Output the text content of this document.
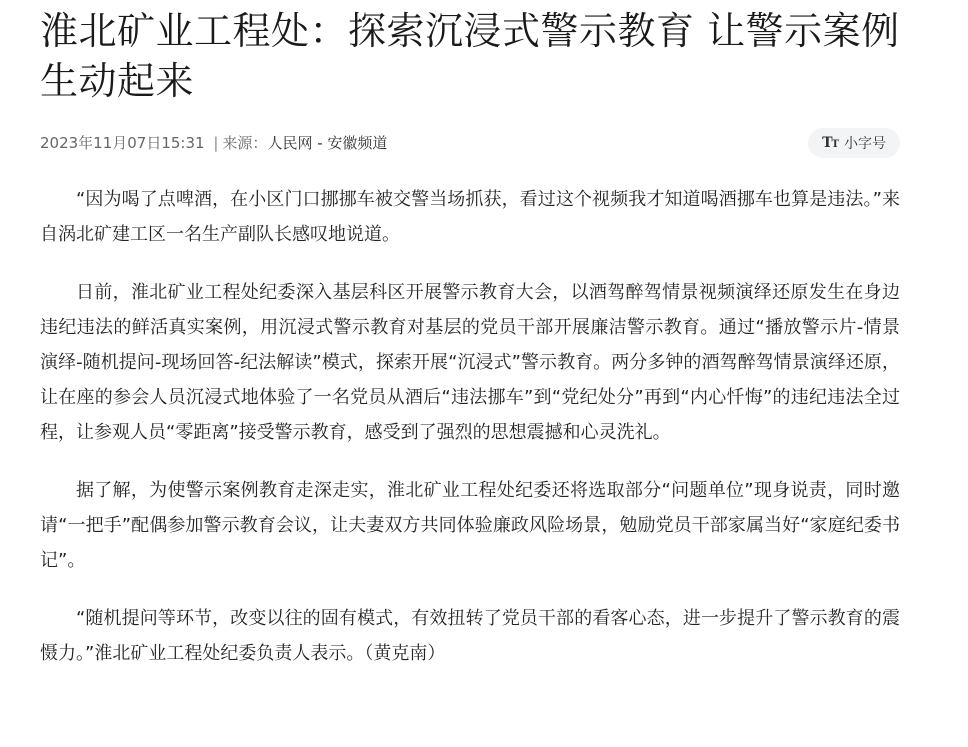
淮北矿业工程处：探索沉浸式警示教育 让警示案例生动起来
2023年11月07日15:31 | 来源：人民网 - 安徽频道	TT 小字号

“因为喝了点啤酒，在小区门口挪挪车被交警当场抓获，看过这个视频我才知道喝酒挪车也算是违法。”来自涡北矿建工区一名生产副队长感叹地说道。

日前，淮北矿业工程处纪委深入基层科区开展警示教育大会，以酒驾醉驾情景视频演绎还原发生在身边违纪违法的鲜活真实案例，用沉浸式警示教育对基层的党员干部开展廉洁警示教育。通过“播放警示片-情景演绎-随机提问-现场回答-纪法解读”模式，探索开展“沉浸式”警示教育。两分多钟的酒驾醉驾情景演绎还原，让在座的参会人员沉浸式地体验了一名党员从酒后“违法挪车”到“党纪处分”再到“内心忏悔”的违纪违法全过程，让参观人员“零距离”接受警示教育，感受到了强烈的思想震撼和心灵洗礼。

据了解，为使警示案例教育走深走实，淮北矿业工程处纪委还将选取部分“问题单位”现身说责，同时邀请“一把手”配偶参加警示教育会议，让夫妻双方共同体验廉政风险场景，勉励党员干部家属当好“家庭纪委书记”。

“随机提问等环节，改变以往的固有模式，有效扭转了党员干部的看客心态，进一步提升了警示教育的震慑力。”淮北矿业工程处纪委负责人表示。（黄克南）
